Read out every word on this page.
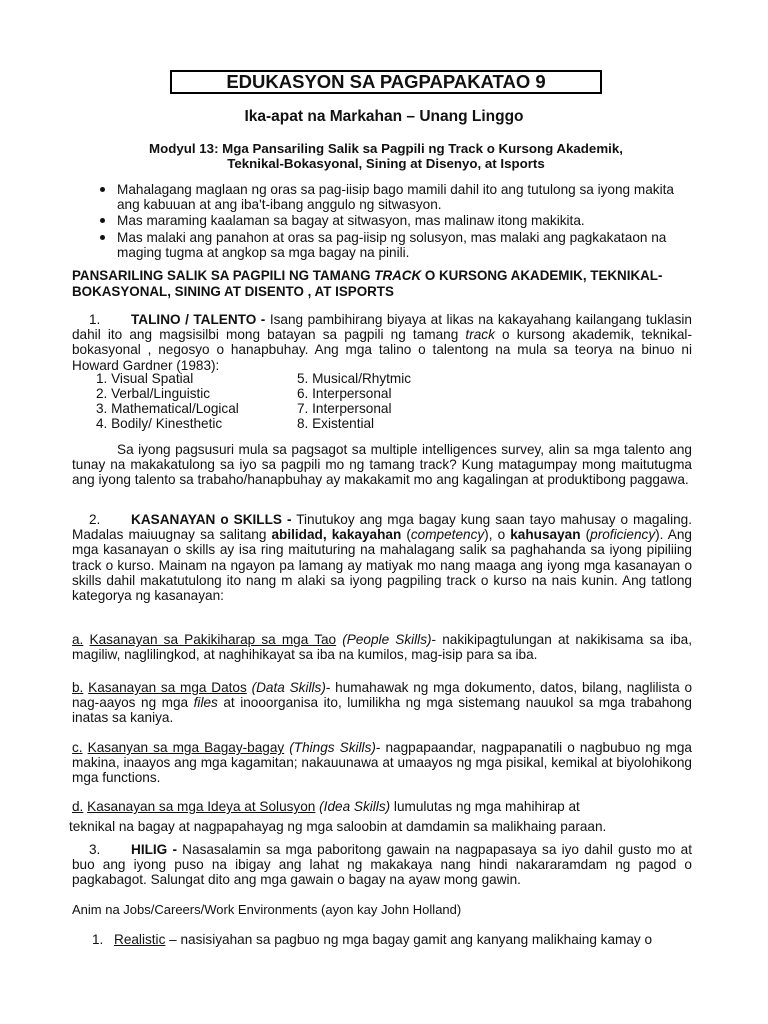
EDUKASYON SA PAGPAPAKATAO 9
Ika-apat na Markahan – Unang Linggo
Modyul 13: Mga Pansariling Salik sa Pagpili ng Track o Kursong Akademik,
Teknikal-Bokasyonal, Sining at Disenyo, at Isports
Mahalagang maglaan ng oras sa pag-iisip bago mamili dahil ito ang tutulong sa iyong makita ang kabuuan at ang iba't-ibang anggulo ng sitwasyon.
Mas maraming kaalaman sa bagay at sitwasyon, mas malinaw itong makikita.
Mas malaki ang panahon at oras sa pag-iisip ng solusyon, mas malaki ang pagkakataon na maging tugma at angkop sa mga bagay na pinili.
PANSARILING SALIK SA PAGPILI NG TAMANG TRACK O KURSONG AKADEMIK, TEKNIKAL-BOKASYONAL, SINING AT DISENTO , AT ISPORTS
1. TALINO / TALENTO - Isang pambihirang biyaya at likas na kakayahang kailangang tuklasin dahil ito ang magsisilbi mong batayan sa pagpili ng tamang track o kursong akademik, teknikal- bokasyonal , negosyo o hanapbuhay. Ang mga talino o talentong na mula sa teorya na binuo ni Howard Gardner (1983):
1. Visual Spatial
2. Verbal/Linguistic
3. Mathematical/Logical
4. Bodily/ Kinesthetic
5. Musical/Rhytmic
6. Interpersonal
7. Interpersonal
8. Existential
Sa iyong pagsusuri mula sa pagsagot sa multiple intelligences survey, alin sa mga talento ang tunay na makakatulong sa iyo sa pagpili mo ng tamang track? Kung matagumpay mong maitutugma ang iyong talento sa trabaho/hanapbuhay ay makakamit mo ang kagalingan at produktibong paggawa.
2. KASANAYAN o SKILLS - Tinutukoy ang mga bagay kung saan tayo mahusay o magaling. Madalas maiuugnay sa salitang abilidad, kakayahan (competency), o kahusayan (proficiency). Ang mga kasanayan o skills ay isa ring maituturing na mahalagang salik sa paghahanda sa iyong pipiliing track o kurso. Mainam na ngayon pa lamang ay matiyak mo nang maaga ang iyong mga kasanayan o skills dahil makatutulong ito nang m alaki sa iyong pagpiling track o kurso na nais kunin. Ang tatlong kategorya ng kasanayan:
a. Kasanayan sa Pakikiharap sa mga Tao (People Skills)- nakikipagtulungan at nakikisama sa iba, magiliw, naglilingkod, at naghihikayat sa iba na kumilos, mag-isip para sa iba.
b. Kasanayan sa mga Datos (Data Skills)- humahawak ng mga dokumento, datos, bilang, naglilista o nag-aayos ng mga files at inooorganisa ito, lumilikha ng mga sistemang nauukol sa mga trabahong inatas sa kaniya.
c. Kasanyan sa mga Bagay-bagay (Things Skills)- nagpapaandar, nagpapanatili o nagbubuo ng mga makina, inaayos ang mga kagamitan; nakauunawa at umaayos ng mga pisikal, kemikal at biyolohikong mga functions.
d. Kasanayan sa mga Ideya at Solusyon (Idea Skills) lumulutas ng mga mahihirap at
teknikal na bagay at nagpapahayag ng mga saloobin at damdamin sa malikhaing paraan.
3. HILIG - Nasasalamin sa mga paboritong gawain na nagpapasaya sa iyo dahil gusto mo at buo ang iyong puso na ibigay ang lahat ng makakaya nang hindi nakararamdam ng pagod o pagkabagot. Salungat dito ang mga gawain o bagay na ayaw mong gawin.
Anim na Jobs/Careers/Work Environments (ayon kay John Holland)
1. Realistic – nasisiyahan sa pagbuo ng mga bagay gamit ang kanyang malikhaing kamay o
